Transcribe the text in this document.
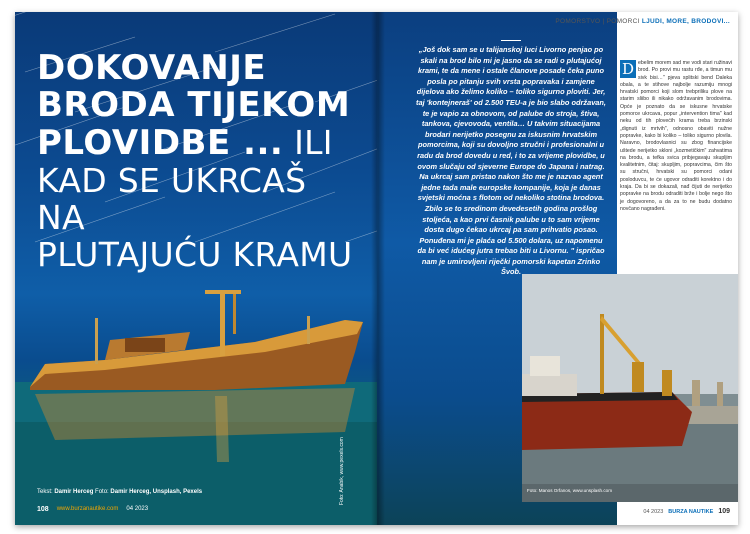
DOKOVANJE
BRODA TIJEKOM
PLOVIDBE ... ILI
KAD SE UKRCAŠ NA
PLUTAJUĆU KRAMU
Tekst: Damir Herceg Foto: Damir Herceg, Unsplash, Pexels
108 www.burzanautike.com 04 2023
Foto: Anabik, www.pexels.com
„Još dok sam se u talijanskoj luci Livorno penjao po skali na brod bilo mi je jasno da se radi o plutajućoj krami, te da mene i ostale članove posade čeka puno posla po pitanju svih vrsta popravaka i zamjene dijelova ako želimo koliko – toliko sigurno ploviti. Jer, taj 'kontejneraš' od 2.500 TEU-a je bio slabo održavan, te je vapio za obnovom, od palube do stroja, štiva, tankova, cjevovoda, ventila… U takvim situacijama brodari nerijetko posegnu za iskusnim hrvatskim pomorcima, koji su dovoljno stručni i profesionalni u radu da brod dovedu u red, i to za vrijeme plovidbe, u ovom slučaju od sjeverne Europe do Japana i natrag. Na ukrcaj sam pristao nakon što me je nazvao agent jedne tada male europske kompanije, koja je danas svjetski moćna s flotom od nekoliko stotina brodova. Zbilo se to sredinom devedesetih godina prošlog stoljeća, a kao prvi časnik palube u to sam vrijeme dosta dugo čekao ukrcaj pa sam prihvatio posao. Ponuđena mi je plaća od 5.500 dolara, uz napomenu da bi već idućeg jutra trebao biti u Livornu. " ispričao nam je umirovljeni riječki pomorski kapetan Zrinko Švob.
POMORSTVO | POMORCI LJUDI, MORE, BRODOVI...
D ebelim morem sad me vodi stari ružinavi brod. Po provi mu rastu rđe, a timun mu sivk bisi…" pjeva splitski bend Daleka obala, a te stihove najbolje razumiju mnogi hrvatski pomorci koji slom trebpriliku plove na starim sliibo ili nikako održavanim brodovima. Opće je poznato da se iskusne hrvatske pomorce ukrcava, popur „intervention tima" kad neku od tih plovećih krama treba brzinski „dignuti iz mrtvih", odnosno obaviti nužne popravke, kako bi koliko – toliko sigurno plovila. Naravno, brodovlasnici su zbog financijske uštede nerijetko skloni „kozmetičkim" zahvatima na brodu, a tefka svica pribjegavaju skupljim kvalitetnim, čitaj: skupljim, popravcima, čim što su stručni, hrvatski su pomorci odani posloduvcu, te će ugovor odraditi korektno i do kraja. Da bi se dokazali, nađ čijuti de nerijetko popravke na brodu odraditi brže i bolje nego što je dogovoreno, a da za to ne budu dodatno novčano nagrađeni.
Foto: Manos Orfanos, www.unsplash.com
04 2023 BURZA NAUTIKE 109
